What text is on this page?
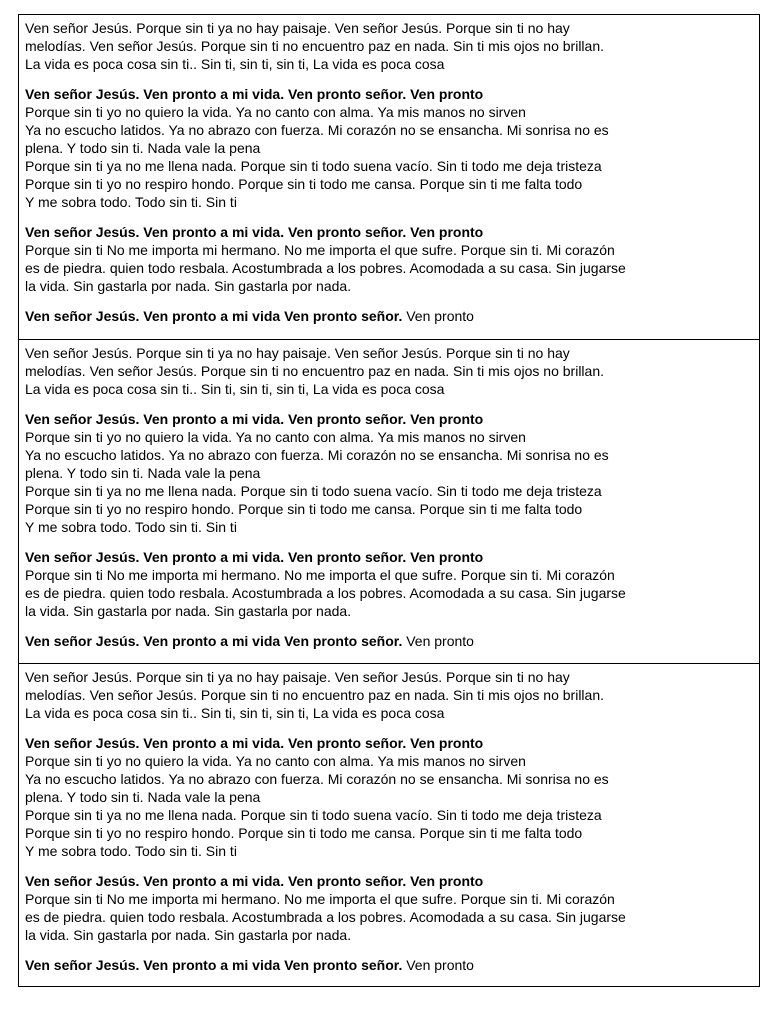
Ven señor Jesús. Porque sin ti ya no hay paisaje. Ven señor Jesús. Porque sin ti no hay
melodías. Ven señor Jesús. Porque sin ti no encuentro paz en nada. Sin ti mis ojos no brillan.
La vida es poca cosa sin ti.. Sin ti, sin ti, sin ti, La vida es poca cosa
Ven señor Jesús. Ven pronto a mi vida. Ven pronto señor. Ven pronto
Porque sin ti yo no quiero la vida. Ya no canto con alma. Ya mis manos no sirven
Ya no escucho latidos. Ya no abrazo con fuerza. Mi corazón no se ensancha. Mi sonrisa no es
plena. Y todo sin ti. Nada vale la pena
Porque sin ti ya no me llena nada. Porque sin ti todo suena vacío. Sin ti todo me deja tristeza
Porque sin ti yo no respiro hondo. Porque sin ti todo me cansa. Porque sin ti me falta todo
Y me sobra todo. Todo sin ti. Sin ti
Ven señor Jesús. Ven pronto a mi vida. Ven pronto señor. Ven pronto
Porque sin ti No me importa mi hermano. No me importa el que sufre. Porque sin ti. Mi corazón
es de piedra. quien todo resbala. Acostumbrada a los pobres. Acomodada a su casa. Sin jugarse
la vida. Sin gastarla por nada. Sin gastarla por nada.
Ven señor Jesús. Ven pronto a mi vida Ven pronto señor. Ven pronto
Ven señor Jesús. Porque sin ti ya no hay paisaje. Ven señor Jesús. Porque sin ti no hay
melodías. Ven señor Jesús. Porque sin ti no encuentro paz en nada. Sin ti mis ojos no brillan.
La vida es poca cosa sin ti.. Sin ti, sin ti, sin ti, La vida es poca cosa
Ven señor Jesús. Ven pronto a mi vida. Ven pronto señor. Ven pronto
Porque sin ti yo no quiero la vida. Ya no canto con alma. Ya mis manos no sirven
Ya no escucho latidos. Ya no abrazo con fuerza. Mi corazón no se ensancha. Mi sonrisa no es
plena. Y todo sin ti. Nada vale la pena
Porque sin ti ya no me llena nada. Porque sin ti todo suena vacío. Sin ti todo me deja tristeza
Porque sin ti yo no respiro hondo. Porque sin ti todo me cansa. Porque sin ti me falta todo
Y me sobra todo. Todo sin ti. Sin ti
Ven señor Jesús. Ven pronto a mi vida. Ven pronto señor. Ven pronto
Porque sin ti No me importa mi hermano. No me importa el que sufre. Porque sin ti. Mi corazón
es de piedra. quien todo resbala. Acostumbrada a los pobres. Acomodada a su casa. Sin jugarse
la vida. Sin gastarla por nada. Sin gastarla por nada.
Ven señor Jesús. Ven pronto a mi vida Ven pronto señor. Ven pronto
Ven señor Jesús. Porque sin ti ya no hay paisaje. Ven señor Jesús. Porque sin ti no hay
melodías. Ven señor Jesús. Porque sin ti no encuentro paz en nada. Sin ti mis ojos no brillan.
La vida es poca cosa sin ti.. Sin ti, sin ti, sin ti, La vida es poca cosa
Ven señor Jesús. Ven pronto a mi vida. Ven pronto señor. Ven pronto
Porque sin ti yo no quiero la vida. Ya no canto con alma. Ya mis manos no sirven
Ya no escucho latidos. Ya no abrazo con fuerza. Mi corazón no se ensancha. Mi sonrisa no es
plena. Y todo sin ti. Nada vale la pena
Porque sin ti ya no me llena nada. Porque sin ti todo suena vacío. Sin ti todo me deja tristeza
Porque sin ti yo no respiro hondo. Porque sin ti todo me cansa. Porque sin ti me falta todo
Y me sobra todo. Todo sin ti. Sin ti
Ven señor Jesús. Ven pronto a mi vida. Ven pronto señor. Ven pronto
Porque sin ti No me importa mi hermano. No me importa el que sufre. Porque sin ti. Mi corazón
es de piedra. quien todo resbala. Acostumbrada a los pobres. Acomodada a su casa. Sin jugarse
la vida. Sin gastarla por nada. Sin gastarla por nada.
Ven señor Jesús. Ven pronto a mi vida Ven pronto señor. Ven pronto
